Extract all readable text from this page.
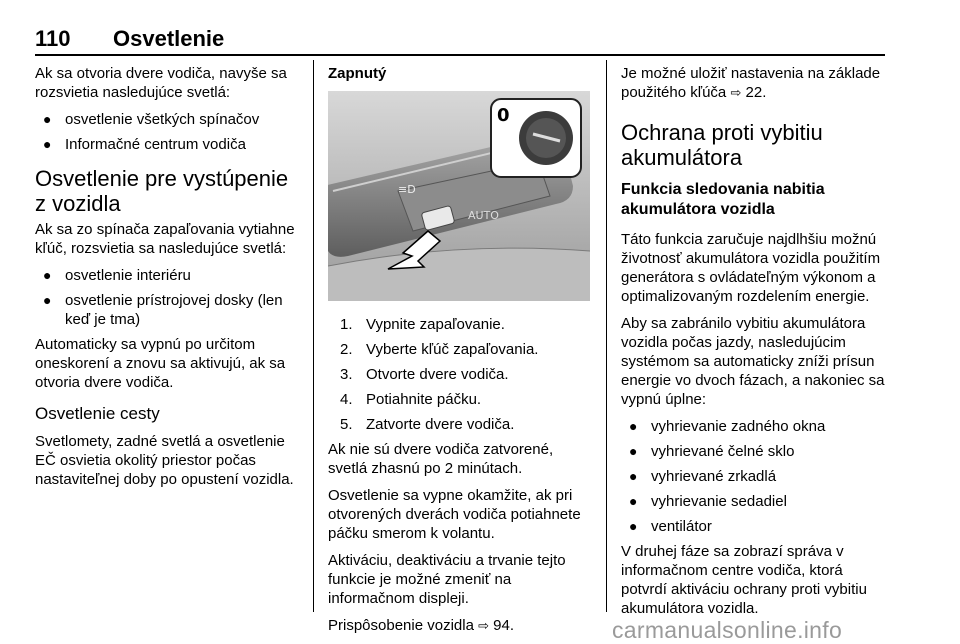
110 Osvetlenie

Ak sa otvoria dvere vodiča, navyše sa rozsvietia nasledujúce svetlá:

● osvetlenie všetkých spínačov
● Informačné centrum vodiča
Osvetlenie pre vystúpenie z vozidla

Ak sa zo spínača zapaľovania vytiahne kľúč, rozsvietia sa nasledujúce svetlá:

● osvetlenie interiéru
● osvetlenie prístrojovej dosky (len keď je tma)

Automaticky sa vypnú po určitom oneskorení a znovu sa aktivujú, ak sa otvoria dvere vodiča.

Osvetlenie cesty

Svetlomety, zadné svetlá a osvetlenie EČ osvietia okolitý priestor počas nastaviteľnej doby po opustení vozidla.

Zapnutý

≡D
AUTO
0
1. Vypnite zapaľovanie.
2. Vyberte kľúč zapaľovania.
3. Otvorte dvere vodiča.
4. Potiahnite páčku.
5. Zatvorte dvere vodiča.

Ak nie sú dvere vodiča zatvorené, svetlá zhasnú po 2 minútach.

Osvetlenie sa vypne okamžite, ak pri otvorených dverách vodiča potiahnete páčku smerom k volantu.

Aktiváciu, deaktiváciu a trvanie tejto funkcie je možné zmeniť na informačnom displeji.

Prispôsobenie vozidla ⇨ 94.

Je možné uložiť nastavenia na základe použitého kľúča ⇨ 22.

Ochrana proti vybitiu akumulátora
Funkcia sledovania nabitia akumulátora vozidla

Táto funkcia zaručuje najdlhšiu možnú životnosť akumulátora vozidla použitím generátora s ovládateľným výkonom a optimalizovaným rozdelením energie.

Aby sa zabránilo vybitiu akumulátora vozidla počas jazdy, nasledujúcim systémom sa automaticky zníži prísun energie vo dvoch fázach, a nakoniec sa vypnú úplne:

● vyhrievanie zadného okna
● vyhrievané čelné sklo
● vyhrievané zrkadlá
● vyhrievanie sedadiel
● ventilátor

V druhej fáze sa zobrazí správa v informačnom centre vodiča, ktorá potvrdí aktiváciu ochrany proti vybitiu akumulátora vozidla.

carmanualsonline.info
